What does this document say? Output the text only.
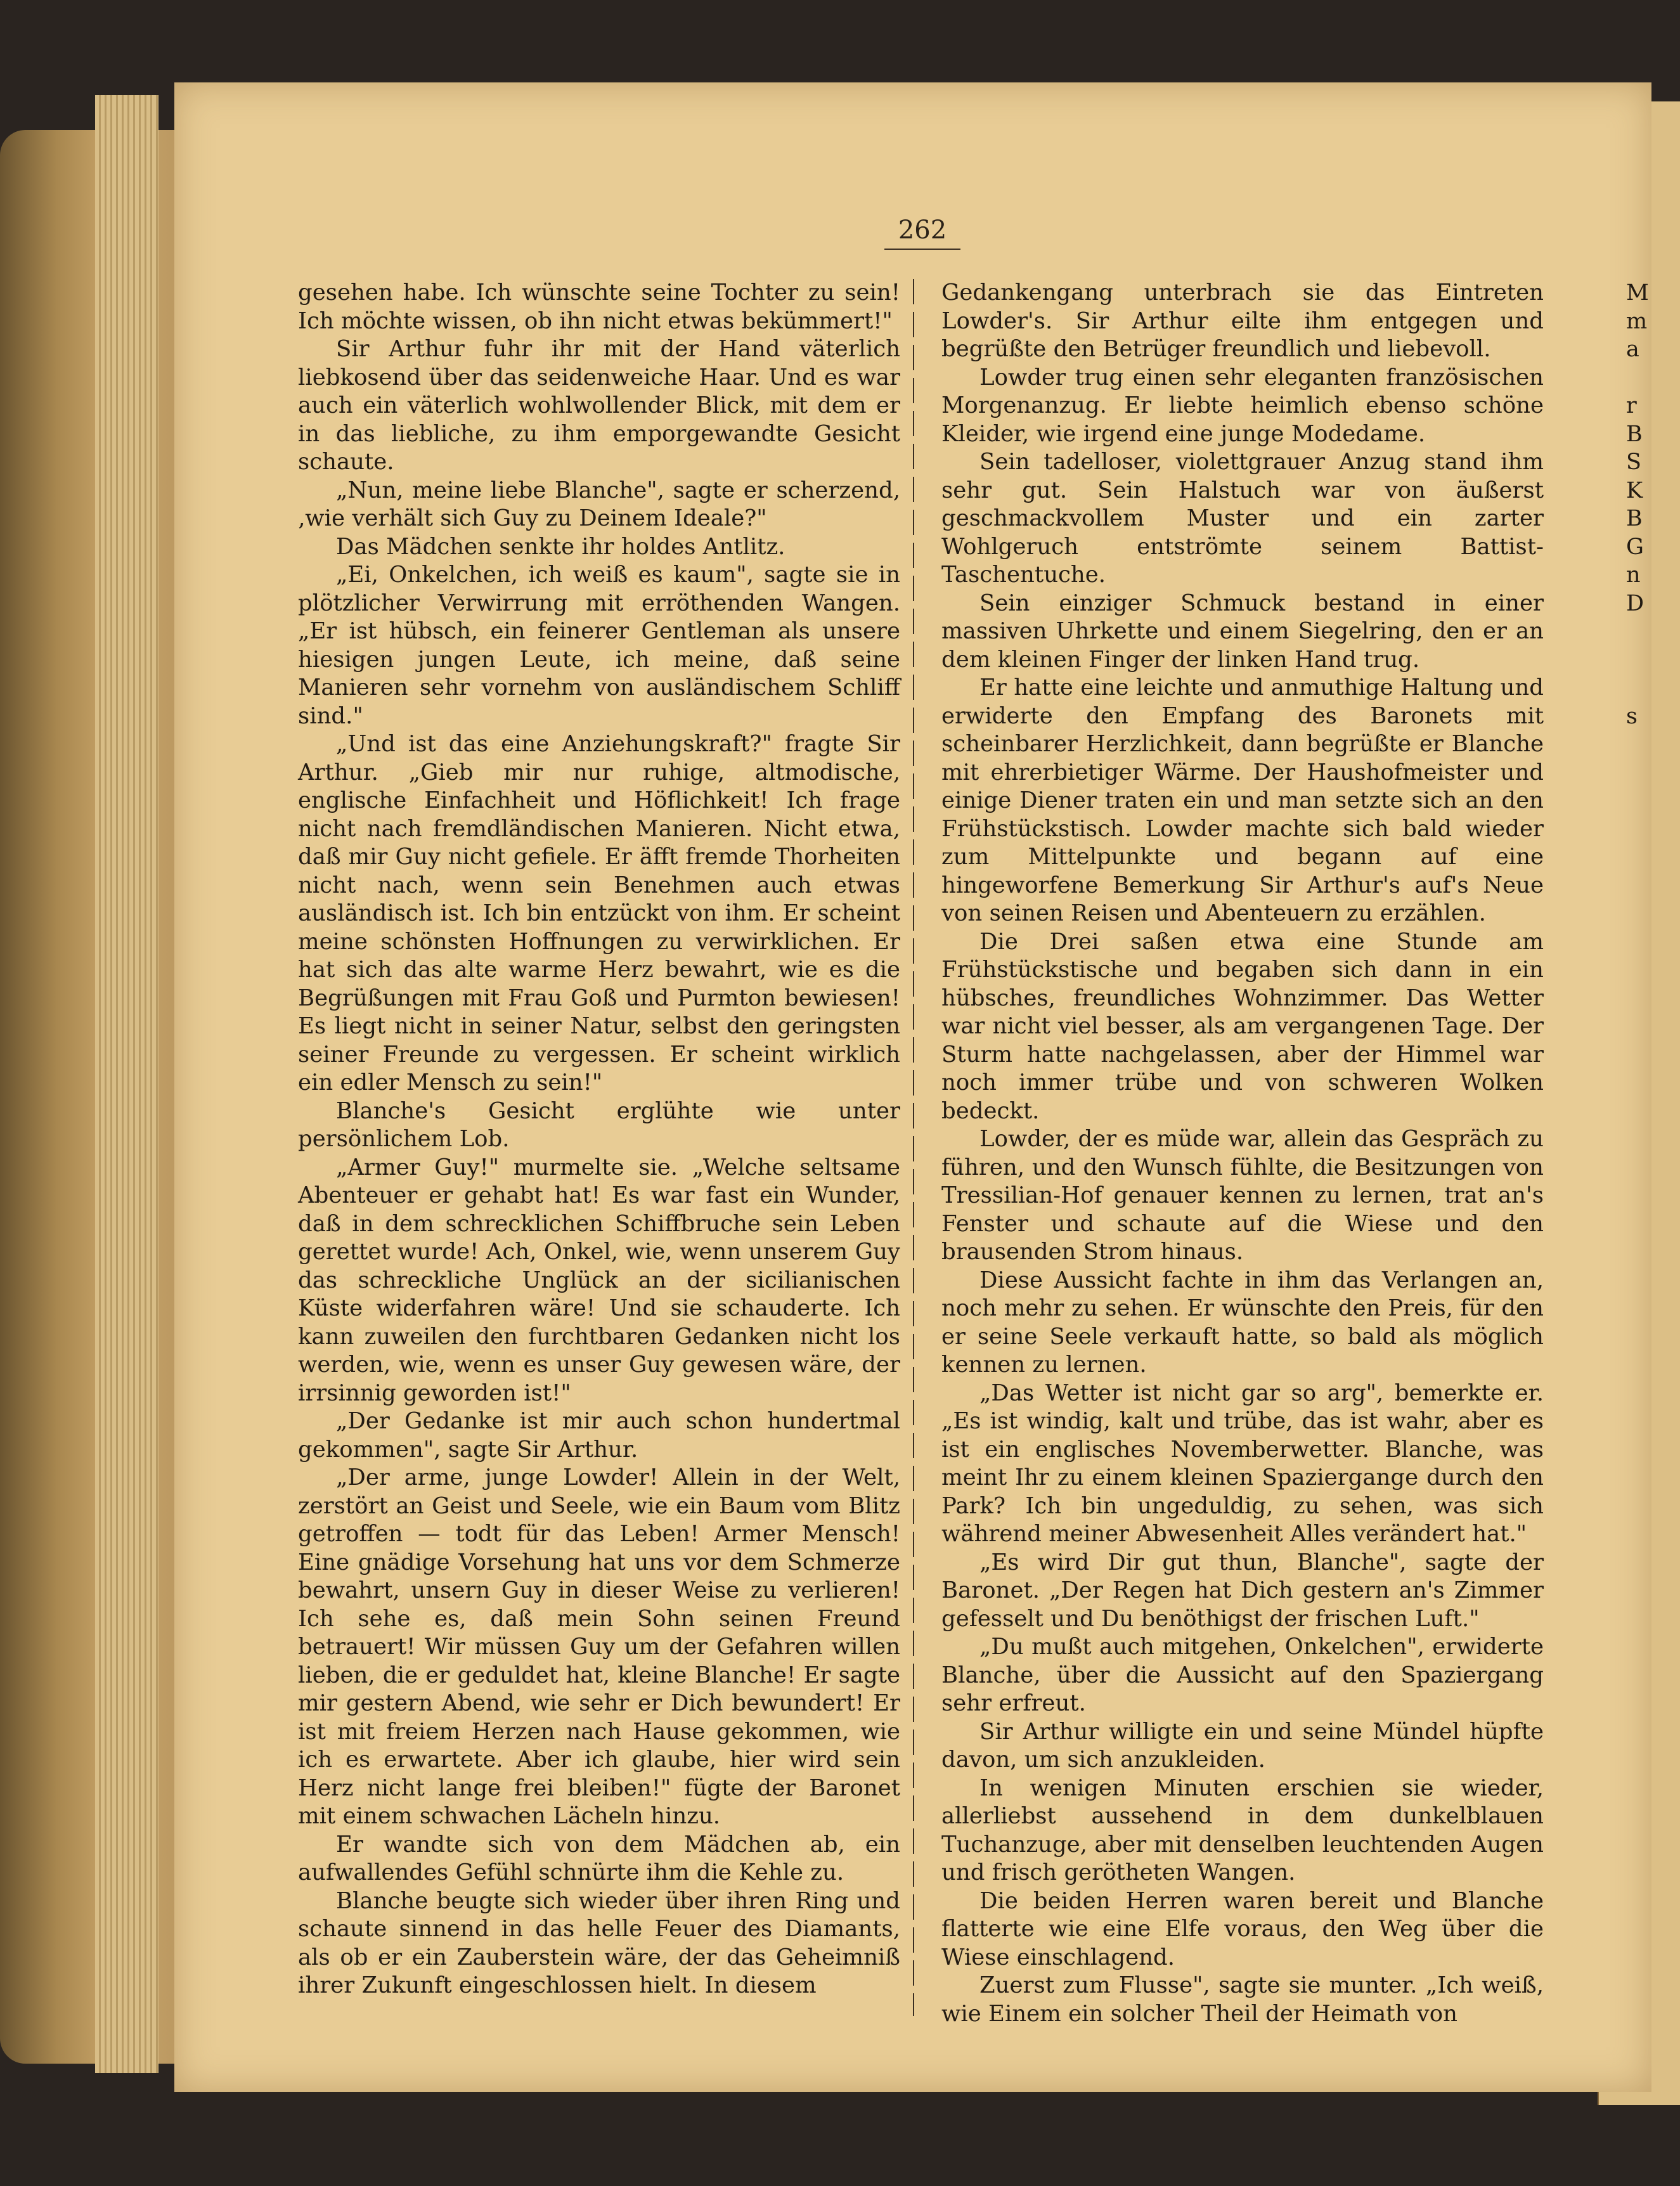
262

gesehen habe. Ich wünschte seine Tochter zu sein! Ich möchte wissen, ob ihn nicht etwas bekümmert!"

Sir Arthur fuhr ihr mit der Hand väterlich liebkosend über das seidenweiche Haar. Und es war auch ein väterlich wohlwollender Blick, mit dem er in das liebliche, zu ihm emporgewandte Gesicht schaute.

„Nun, meine liebe Blanche", sagte er scherzend, ‚wie verhält sich Guy zu Deinem Ideale?"

Das Mädchen senkte ihr holdes Antlitz.

„Ei, Onkelchen, ich weiß es kaum", sagte sie in plötzlicher Verwirrung mit erröthenden Wangen. „Er ist hübsch, ein feinerer Gentleman als unsere hiesigen jungen Leute, ich meine, daß seine Manieren sehr vornehm von ausländischem Schliff sind."

„Und ist das eine Anziehungskraft?" fragte Sir Arthur. „Gieb mir nur ruhige, altmodische, englische Einfachheit und Höflichkeit! Ich frage nicht nach fremdländischen Manieren. Nicht etwa, daß mir Guy nicht gefiele. Er äfft fremde Thorheiten nicht nach, wenn sein Benehmen auch etwas ausländisch ist. Ich bin entzückt von ihm. Er scheint meine schönsten Hoffnungen zu verwirklichen. Er hat sich das alte warme Herz bewahrt, wie es die Begrüßungen mit Frau Goß und Purmton bewiesen! Es liegt nicht in seiner Natur, selbst den geringsten seiner Freunde zu vergessen. Er scheint wirklich ein edler Mensch zu sein!"

Blanche's Gesicht erglühte wie unter persönlichem Lob.

„Armer Guy!" murmelte sie. „Welche seltsame Abenteuer er gehabt hat! Es war fast ein Wunder, daß in dem schrecklichen Schiffbruche sein Leben gerettet wurde! Ach, Onkel, wie, wenn unserem Guy das schreckliche Unglück an der sicilianischen Küste widerfahren wäre! Und sie schauderte. Ich kann zuweilen den furchtbaren Gedanken nicht los werden, wie, wenn es unser Guy gewesen wäre, der irrsinnig geworden ist!"

„Der Gedanke ist mir auch schon hundertmal gekommen", sagte Sir Arthur.

„Der arme, junge Lowder! Allein in der Welt, zerstört an Geist und Seele, wie ein Baum vom Blitz getroffen — todt für das Leben! Armer Mensch! Eine gnädige Vorsehung hat uns vor dem Schmerze bewahrt, unsern Guy in dieser Weise zu verlieren! Ich sehe es, daß mein Sohn seinen Freund betrauert! Wir müssen Guy um der Gefahren willen lieben, die er geduldet hat, kleine Blanche! Er sagte mir gestern Abend, wie sehr er Dich bewundert! Er ist mit freiem Herzen nach Hause gekommen, wie ich es erwartete. Aber ich glaube, hier wird sein Herz nicht lange frei bleiben!" fügte der Baronet mit einem schwachen Lächeln hinzu.

Er wandte sich von dem Mädchen ab, ein aufwallendes Gefühl schnürte ihm die Kehle zu.

Blanche beugte sich wieder über ihren Ring und schaute sinnend in das helle Feuer des Diamants, als ob er ein Zauberstein wäre, der das Geheimniß ihrer Zukunft eingeschlossen hielt. In diesem

Gedankengang unterbrach sie das Eintreten Lowder's. Sir Arthur eilte ihm entgegen und begrüßte den Betrüger freundlich und liebevoll.

Lowder trug einen sehr eleganten französischen Morgenanzug. Er liebte heimlich ebenso schöne Kleider, wie irgend eine junge Modedame.

Sein tadelloser, violettgrauer Anzug stand ihm sehr gut. Sein Halstuch war von äußerst geschmackvollem Muster und ein zarter Wohlgeruch entströmte seinem Battist-Taschentuche.

Sein einziger Schmuck bestand in einer massiven Uhrkette und einem Siegelring, den er an dem kleinen Finger der linken Hand trug.

Er hatte eine leichte und anmuthige Haltung und erwiderte den Empfang des Baronets mit scheinbarer Herzlichkeit, dann begrüßte er Blanche mit ehrerbietiger Wärme. Der Haushofmeister und einige Diener traten ein und man setzte sich an den Frühstückstisch. Lowder machte sich bald wieder zum Mittelpunkte und begann auf eine hingeworfene Bemerkung Sir Arthur's auf's Neue von seinen Reisen und Abenteuern zu erzählen.

Die Drei saßen etwa eine Stunde am Frühstückstische und begaben sich dann in ein hübsches, freundliches Wohnzimmer. Das Wetter war nicht viel besser, als am vergangenen Tage. Der Sturm hatte nachgelassen, aber der Himmel war noch immer trübe und von schweren Wolken bedeckt.

Lowder, der es müde war, allein das Gespräch zu führen, und den Wunsch fühlte, die Besitzungen von Tressilian-Hof genauer kennen zu lernen, trat an's Fenster und schaute auf die Wiese und den brausenden Strom hinaus.

Diese Aussicht fachte in ihm das Verlangen an, noch mehr zu sehen. Er wünschte den Preis, für den er seine Seele verkauft hatte, so bald als möglich kennen zu lernen.

„Das Wetter ist nicht gar so arg", bemerkte er. „Es ist windig, kalt und trübe, das ist wahr, aber es ist ein englisches Novemberwetter. Blanche, was meint Ihr zu einem kleinen Spaziergange durch den Park? Ich bin ungeduldig, zu sehen, was sich während meiner Abwesenheit Alles verändert hat."

„Es wird Dir gut thun, Blanche", sagte der Baronet. „Der Regen hat Dich gestern an's Zimmer gefesselt und Du benöthigst der frischen Luft."

„Du mußt auch mitgehen, Onkelchen", erwiderte Blanche, über die Aussicht auf den Spaziergang sehr erfreut.

Sir Arthur willigte ein und seine Mündel hüpfte davon, um sich anzukleiden.

In wenigen Minuten erschien sie wieder, allerliebst aussehend in dem dunkelblauen Tuchanzuge, aber mit denselben leuchtenden Augen und frisch gerötheten Wangen.

Die beiden Herren waren bereit und Blanche flatterte wie eine Elfe voraus, den Weg über die Wiese einschlagend.

Zuerst zum Flusse", sagte sie munter. „Ich weiß, wie Einem ein solcher Theil der Heimath von

M
m
a
r
B
S
K
B
G
n
D
s
